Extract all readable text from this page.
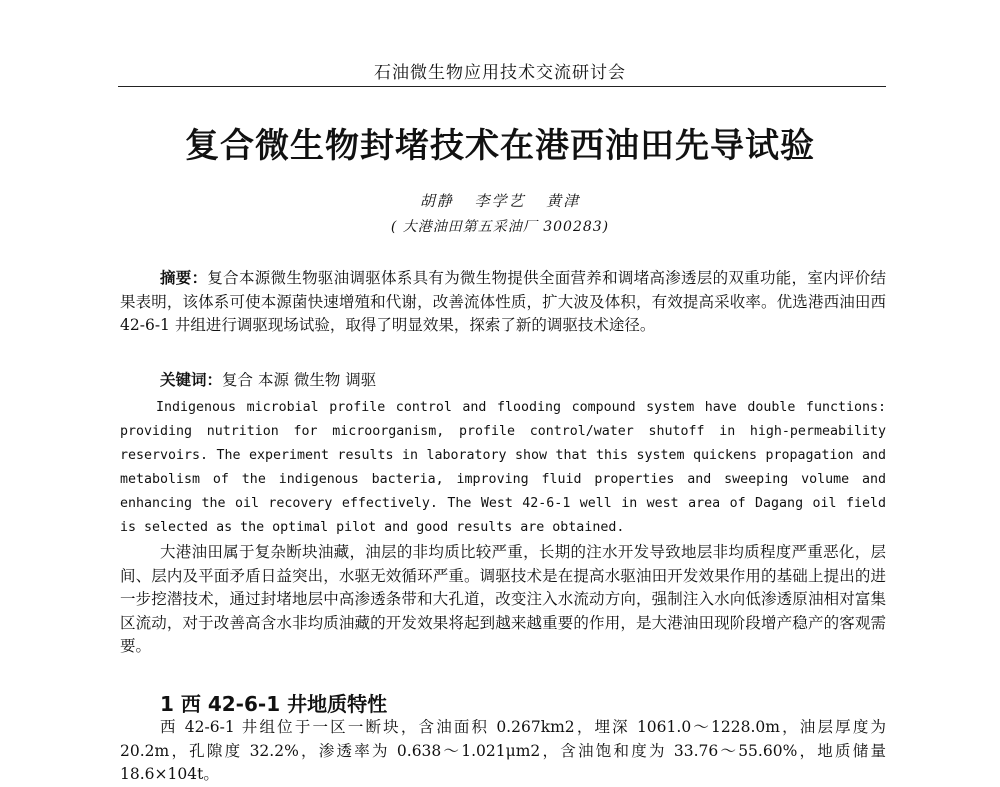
石油微生物应用技术交流研讨会
复合微生物封堵技术在港西油田先导试验
胡静 李学艺 黄津
( 大港油田第五采油厂 300283)
摘要：复合本源微生物驱油调驱体系具有为微生物提供全面营养和调堵高渗透层的双重功能，室内评价结果表明，该体系可使本源菌快速增殖和代谢，改善流体性质，扩大波及体积，有效提高采收率。优选港西油田西 42-6-1 井组进行调驱现场试验，取得了明显效果，探索了新的调驱技术途径。
关键词：复合 本源 微生物 调驱
Indigenous microbial profile control and flooding compound system have double functions: providing nutrition for microorganism, profile control/water shutoff in high-permeability reservoirs. The experiment results in laboratory show that this system quickens propagation and metabolism of the indigenous bacteria, improving fluid properties and sweeping volume and enhancing the oil recovery effectively. The West 42-6-1 well in west area of Dagang oil field is selected as the optimal pilot and good results are obtained.
大港油田属于复杂断块油藏，油层的非均质比较严重，长期的注水开发导致地层非均质程度严重恶化，层间、层内及平面矛盾日益突出，水驱无效循环严重。调驱技术是在提高水驱油田开发效果作用的基础上提出的进一步挖潜技术，通过封堵地层中高渗透条带和大孔道，改变注入水流动方向，强制注入水向低渗透原油相对富集区流动，对于改善高含水非均质油藏的开发效果将起到越来越重要的作用，是大港油田现阶段增产稳产的客观需要。
1 西 42-6-1 井地质特性
西 42-6-1 井组位于一区一断块，含油面积 0.267km2，埋深 1061.0～1228.0m，油层厚度为 20.2m，孔隙度 32.2%，渗透率为 0.638～1.021μm2，含油饱和度为 33.76～55.60%，地质储量 18.6×104t。
